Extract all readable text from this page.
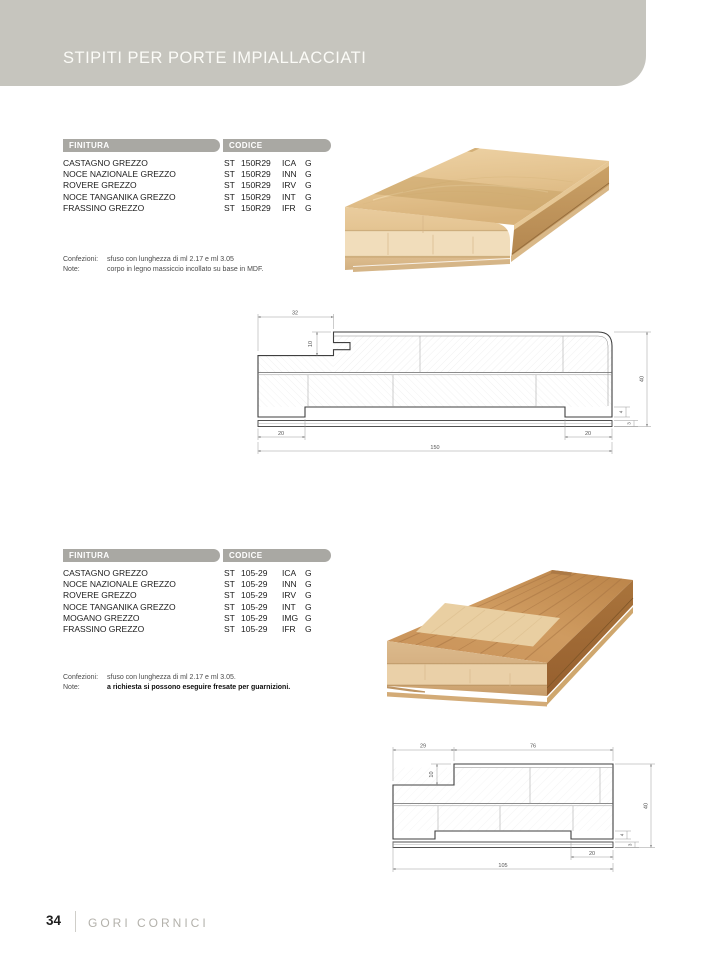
STIPITI PER PORTE IMPIALLACCIATI
FINITURA	CODICE
CASTAGNO GREZZO	ST 150R29	ICA	G
NOCE NAZIONALE GREZZO	ST 150R29	INN G
ROVERE GREZZO	ST 150R29	IRV	G
NOCE TANGANIKA GREZZO	ST 150R29	INT	G
FRASSINO GREZZO	ST 150R29	IFR	G
Confezioni: sfuso con lunghezza di ml 2.17 e ml 3.05
Note:	corpo in legno massiccio incollato su base in MDF.
32
10
40
4
3
20	20
150
FINITURA	CODICE
CASTAGNO GREZZO	ST 105-29	ICA	G
NOCE NAZIONALE GREZZO	ST 105-29	INN G
ROVERE GREZZO	ST 105-29	IRV	G
NOCE TANGANIKA GREZZO	ST 105-29	INT	G
MOGANO GREZZO	ST 105-29	IMG G
FRASSINO GREZZO	ST 105-29	IFR	G
Confezioni: sfuso con lunghezza di ml 2.17 e ml 3.05.
Note:	a richiesta si possono eseguire fresate per guarnizioni.
29	76
10
40
4
3
20
105
34 GORI CORNICI
